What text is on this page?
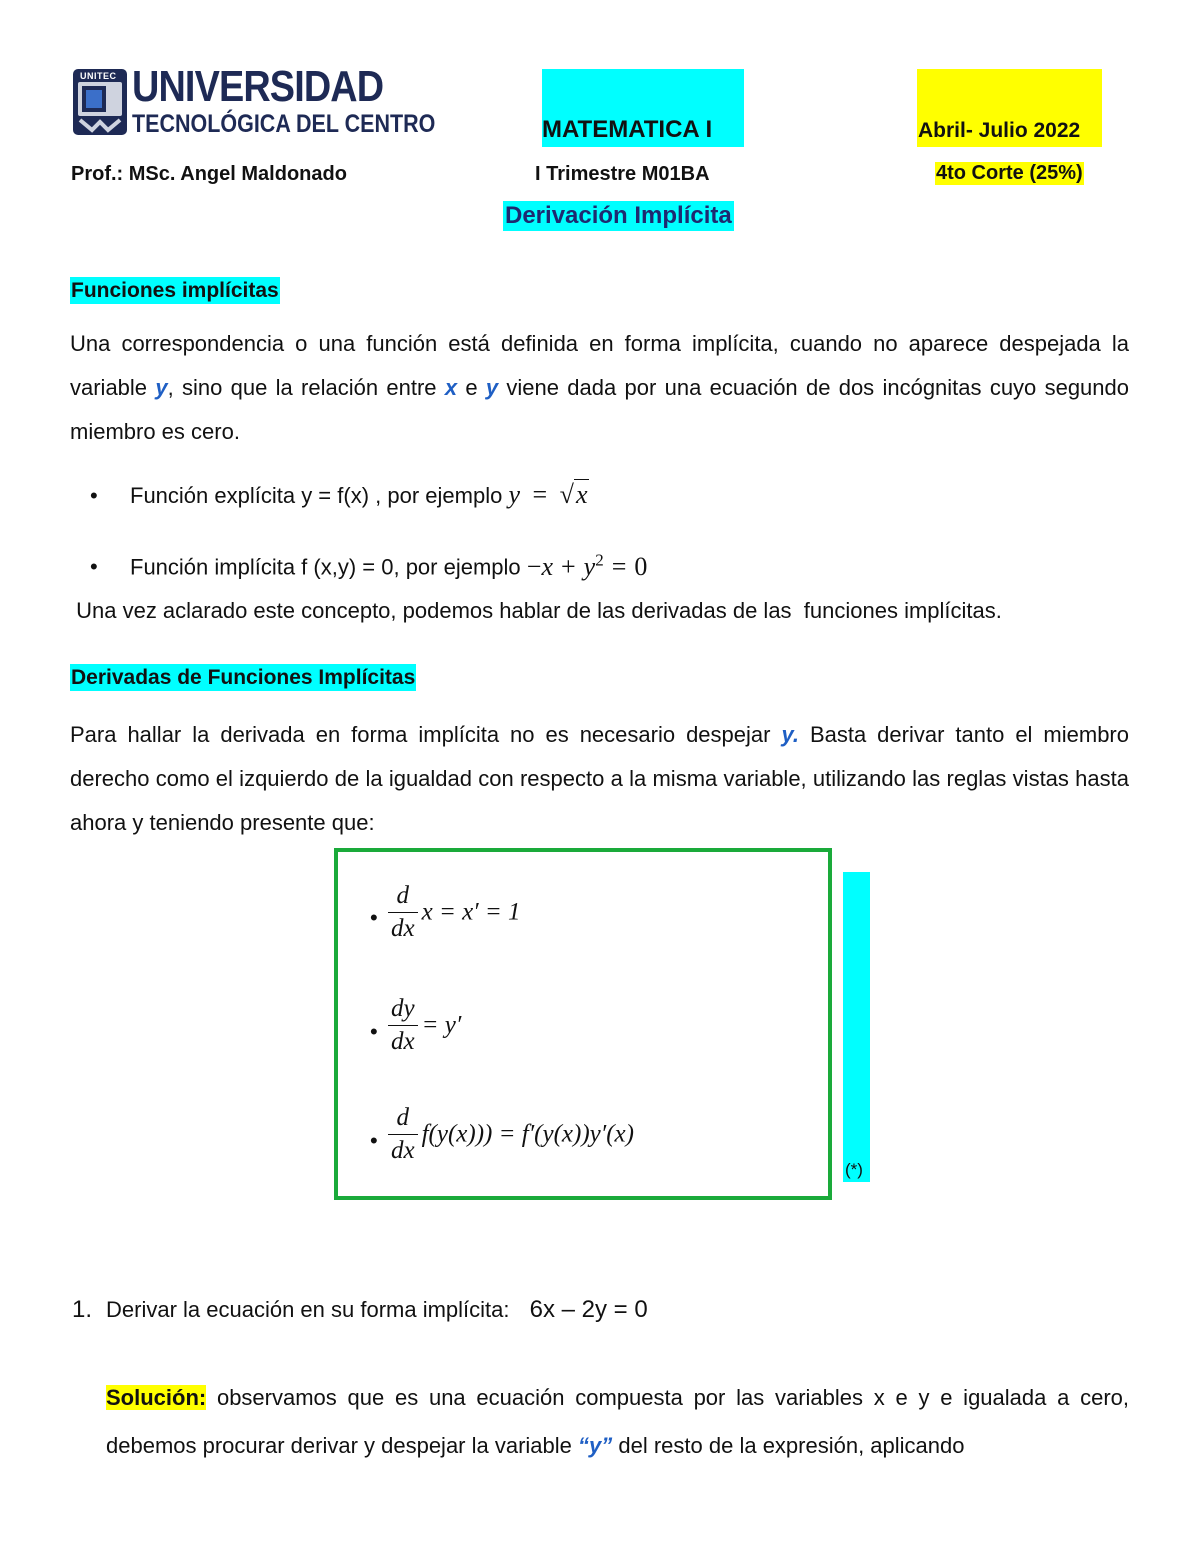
UNITEC UNIVERSIDAD
TECNOLÓGICA DEL CENTRO	MATEMATICA I	Abril- Julio 2022
Prof.: MSc. Angel Maldonado	I Trimestre M01BA	4to Corte (25%)
Derivación Implícita
Funciones implícitas
Una correspondencia o una función está definida en forma implícita, cuando no aparece despejada la variable y, sino que la relación entre x e y viene dada por una ecuación de dos incógnitas cuyo segundo miembro es cero.
• Función explícita y = f(x) , por ejemplo y = √x
• Función implícita f (x,y) = 0, por ejemplo $-x + y^2 = 0$
Una vez aclarado este concepto, podemos hablar de las derivadas de las  funciones implícitas.
Derivadas de Funciones Implícitas
Para hallar la derivada en forma implícita no es necesario despejar y. Basta derivar tanto el miembro derecho como el izquierdo de la igualdad con respecto a la misma variable, utilizando las reglas vistas hasta ahora y teniendo presente que:
• $\frac{d}{dx}$ x = x′ = 1
• $\frac{dy}{dx} = y'$
• $\frac{d}{dx} f(y(x))) = f'(y(x))y'(x)$
(*)
1. Derivar la ecuación en su forma implícita: 6x – 2y = 0
Solución: observamos que es una ecuación compuesta por las variables x e y e igualada a cero, debemos procurar derivar y despejar la variable “y” del resto de la expresión, aplicando
